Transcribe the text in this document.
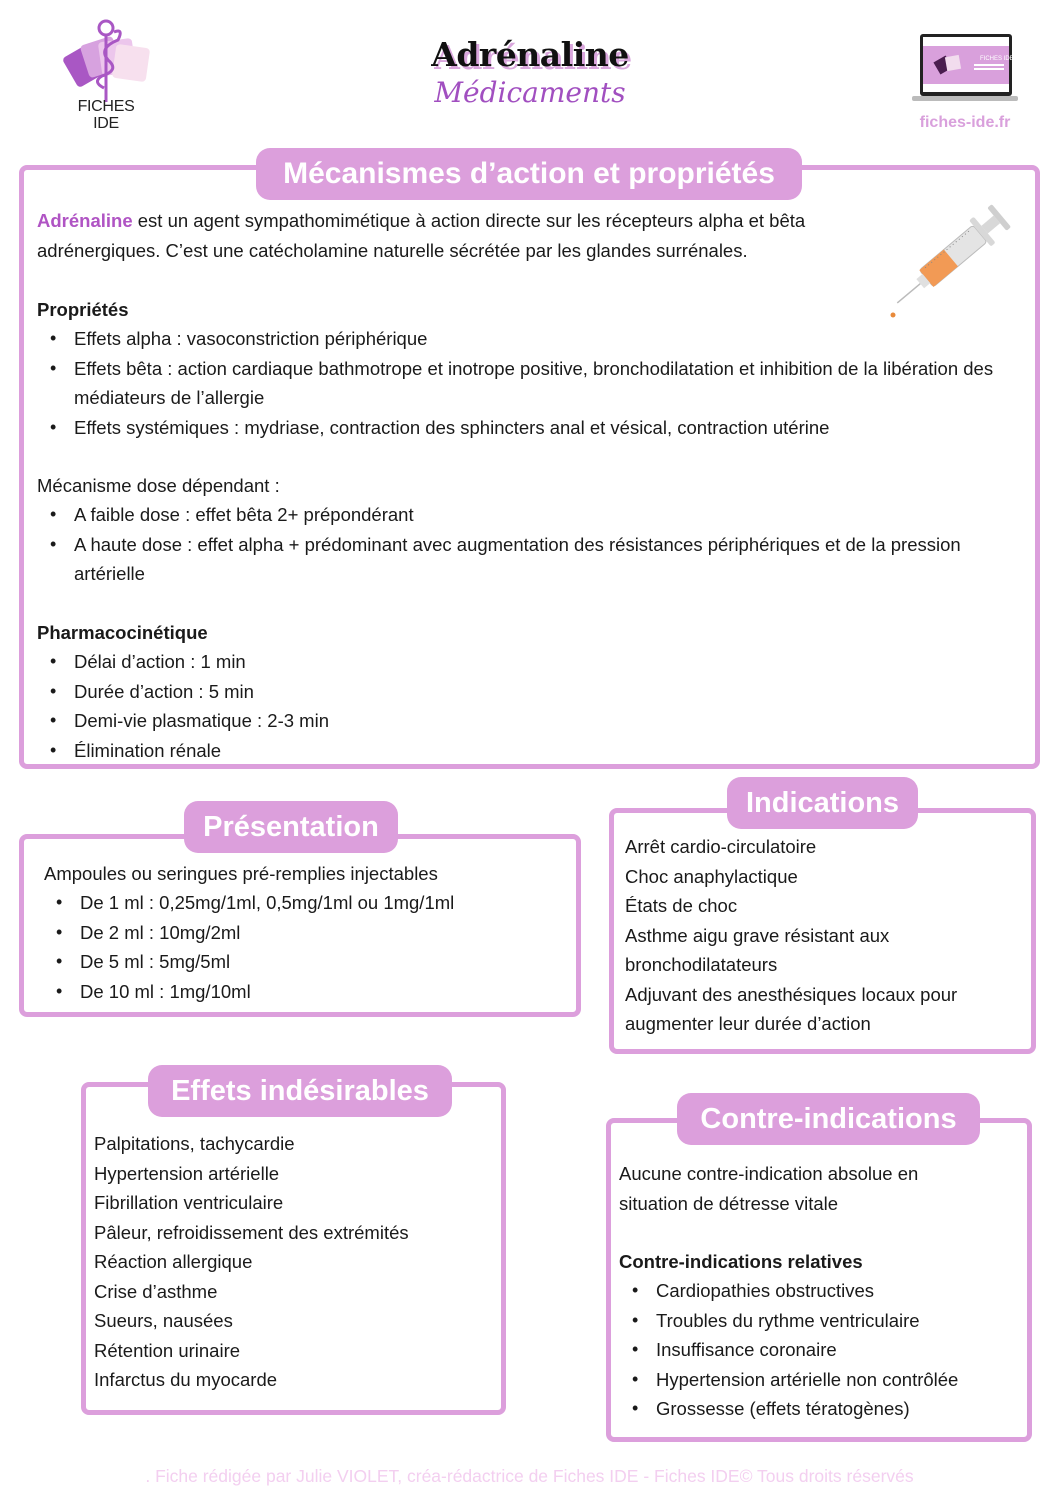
FICHES
IDE
Adrénaline
Médicaments
FICHES IDE
fiches-ide.fr
Mécanismes d’action et propriétés
Adrénaline est un agent sympathomimétique à action directe sur les récepteurs alpha et bêta adrénergiques. C’est une catécholamine naturelle sécrétée par les glandes surrénales.
Propriétés
• Effets alpha : vasoconstriction périphérique
• Effets bêta : action cardiaque bathmotrope et inotrope positive, bronchodilatation et inhibition de la libération des médiateurs de l’allergie
• Effets systémiques : mydriase, contraction des sphincters anal et vésical, contraction utérine
Mécanisme dose dépendant :
• A faible dose : effet bêta 2+ prépondérant
• A haute dose : effet alpha + prédominant avec augmentation des résistances périphériques et de la pression artérielle
Pharmacocinétique
• Délai d’action : 1 min
• Durée d’action : 5 min
• Demi-vie plasmatique : 2-3 min
• Élimination rénale
Présentation
Ampoules ou seringues pré-remplies injectables
• De 1 ml : 0,25mg/1ml, 0,5mg/1ml ou 1mg/1ml
• De 2 ml : 10mg/2ml
• De 5 ml : 5mg/5ml
• De 10 ml : 1mg/10ml
Indications
Arrêt cardio-circulatoire
Choc anaphylactique
États de choc
Asthme aigu grave résistant aux
bronchodilatateurs
Adjuvant des anesthésiques locaux pour
augmenter leur durée d’action
Effets indésirables
Palpitations, tachycardie
Hypertension artérielle
Fibrillation ventriculaire
Pâleur, refroidissement des extrémités
Réaction allergique
Crise d’asthme
Sueurs, nausées
Rétention urinaire
Infarctus du myocarde
Contre-indications
Aucune contre-indication absolue en
situation de détresse vitale
Contre-indications relatives
• Cardiopathies obstructives
• Troubles du rythme ventriculaire
• Insuffisance coronaire
• Hypertension artérielle non contrôlée
• Grossesse (effets tératogènes)
. Fiche rédigée par Julie VIOLET, créa-rédactrice de Fiches IDE - Fiches IDE© Tous droits réservés
